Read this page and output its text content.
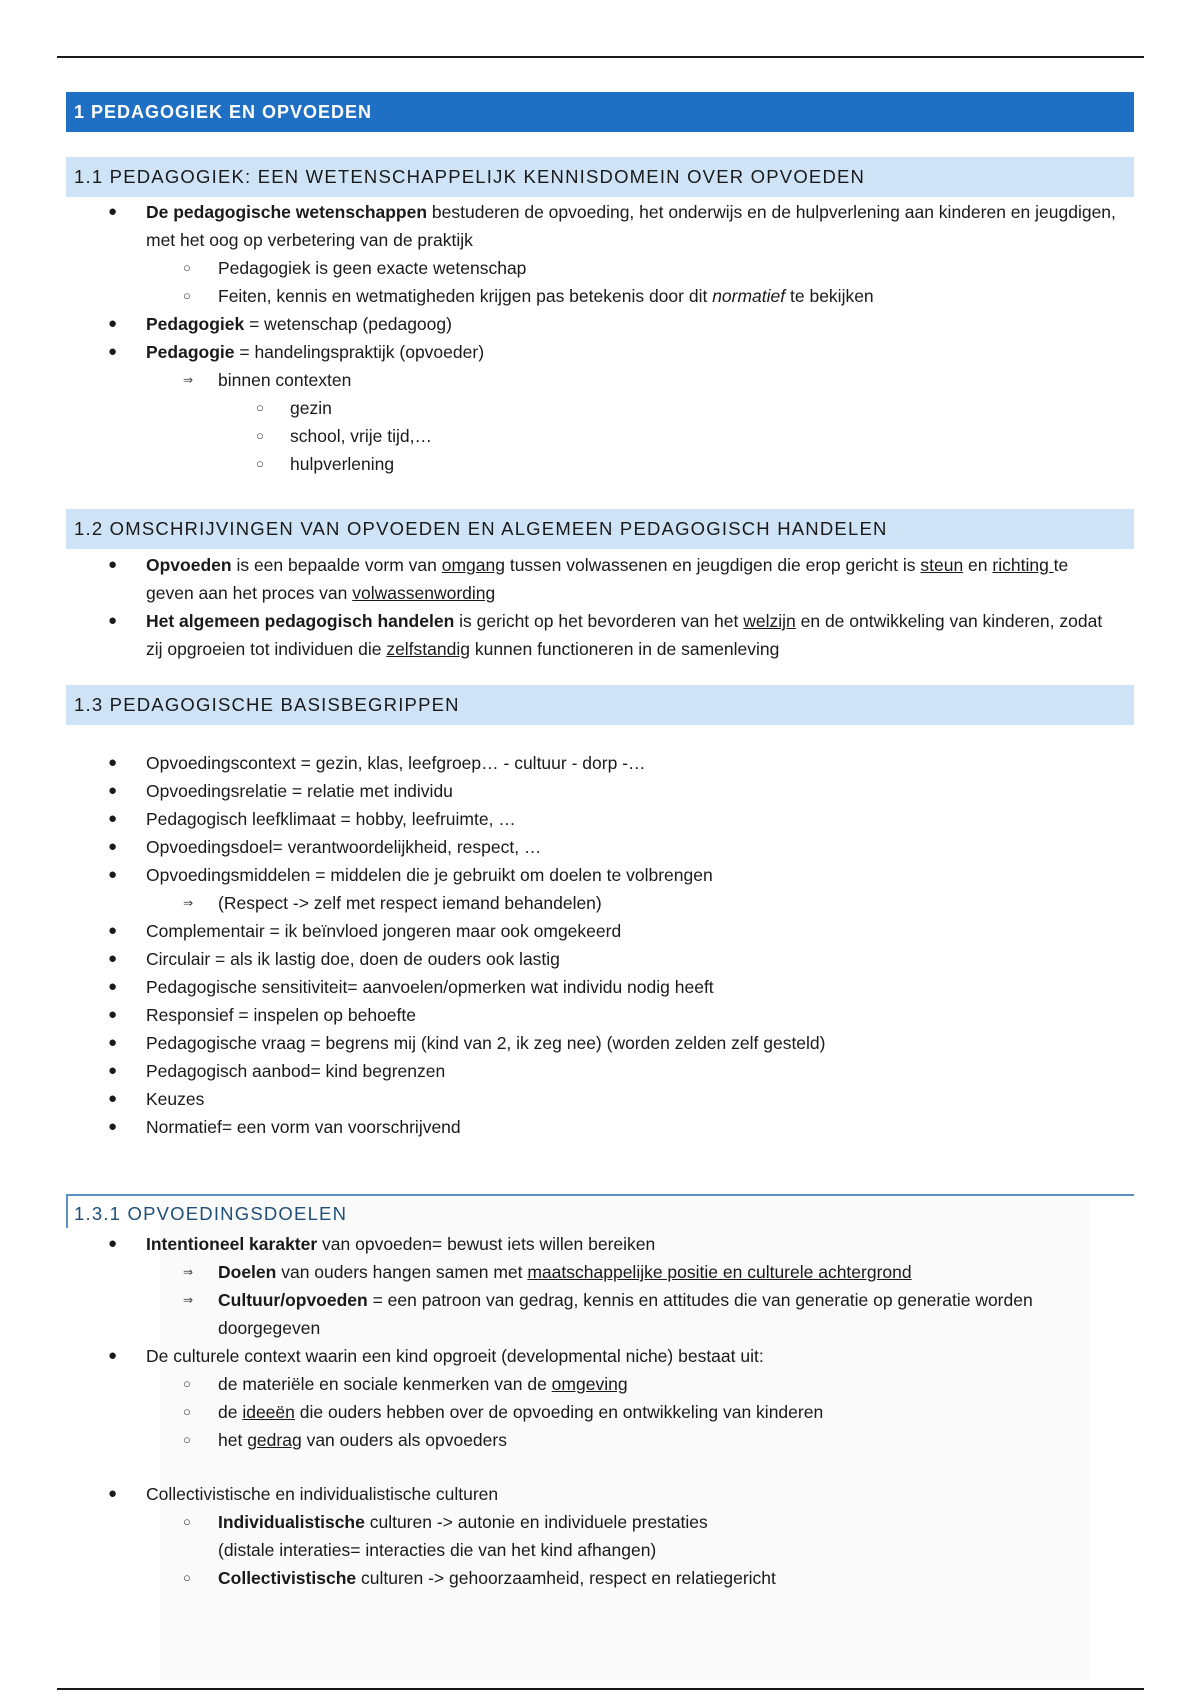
1 PEDAGOGIEK EN OPVOEDEN
1.1 PEDAGOGIEK: EEN WETENSCHAPPELIJK KENNISDOMEIN OVER OPVOEDEN

● De pedagogische wetenschappen bestuderen de opvoeding, het onderwijs en de hulpverlening aan kinderen en jeugdigen, met het oog op verbetering van de praktijk

○ Pedagogiek is geen exacte wetenschap

○ Feiten, kennis en wetmatigheden krijgen pas betekenis door dit normatief te bekijken

● Pedagogiek = wetenschap (pedagoog)

● Pedagogie = handelingspraktijk (opvoeder)

⇒ binnen contexten

○ gezin

○ school, vrije tijd,…

○ hulpverlening

1.2 OMSCHRIJVINGEN VAN OPVOEDEN EN ALGEMEEN PEDAGOGISCH HANDELEN

● Opvoeden is een bepaalde vorm van omgang tussen volwassenen en jeugdigen die erop gericht is steun en richting te geven aan het proces van volwassenwording

● Het algemeen pedagogisch handelen is gericht op het bevorderen van het welzijn en de ontwikkeling van kinderen, zodat zij opgroeien tot individuen die zelfstandig kunnen functioneren in de samenleving

1.3 PEDAGOGISCHE BASISBEGRIPPEN

● Opvoedingscontext = gezin, klas, leefgroep… - cultuur - dorp -…

● Opvoedingsrelatie = relatie met individu

● Pedagogisch leefklimaat = hobby, leefruimte, …

● Opvoedingsdoel= verantwoordelijkheid, respect, …

● Opvoedingsmiddelen = middelen die je gebruikt om doelen te volbrengen

⇒ (Respect -> zelf met respect iemand behandelen)

● Complementair = ik beïnvloed jongeren maar ook omgekeerd

● Circulair = als ik lastig doe, doen de ouders ook lastig

● Pedagogische sensitiviteit= aanvoelen/opmerken wat individu nodig heeft

● Responsief = inspelen op behoefte

● Pedagogische vraag = begrens mij (kind van 2, ik zeg nee) (worden zelden zelf gesteld)

● Pedagogisch aanbod= kind begrenzen

● Keuzes

● Normatief= een vorm van voorschrijvend

1.3.1 OPVOEDINGSDOELEN

● Intentioneel karakter van opvoeden= bewust iets willen bereiken

⇒ Doelen van ouders hangen samen met maatschappelijke positie en culturele achtergrond

⇒ Cultuur/opvoeden = een patroon van gedrag, kennis en attitudes die van generatie op generatie worden doorgegeven

● De culturele context waarin een kind opgroeit (developmental niche) bestaat uit:

○ de materiële en sociale kenmerken van de omgeving

○ de ideeën die ouders hebben over de opvoeding en ontwikkeling van kinderen

○ het gedrag van ouders als opvoeders

● Collectivistische en individualistische culturen

○ Individualistische culturen -> autonie en individuele prestaties
(distale interaties= interacties die van het kind afhangen)

○ Collectivistische culturen -> gehoorzaamheid, respect en relatiegericht
